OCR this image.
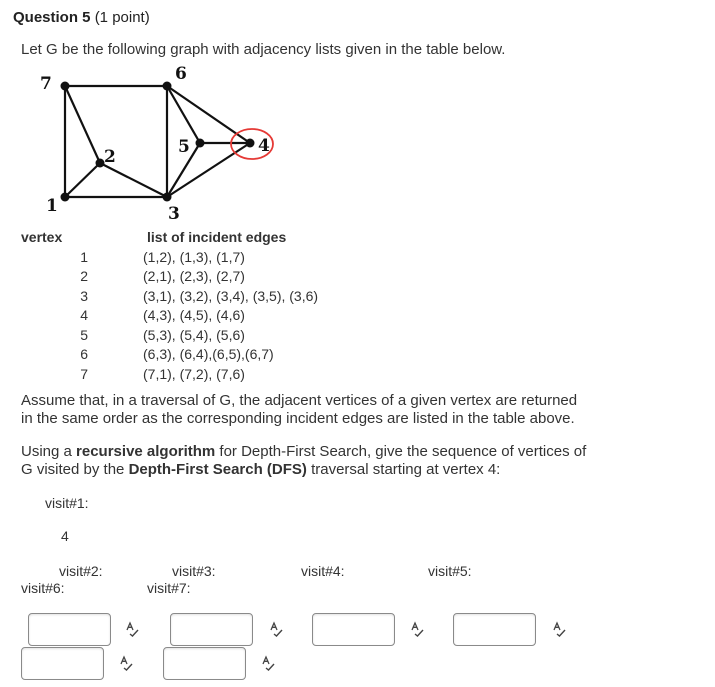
Question 5 (1 point)
Let G be the following graph with adjacency lists given in the table below.
1
2
3
4
5
6
7
vertex	list of incident edges
1	(1,2), (1,3), (1,7)
2	(2,1), (2,3), (2,7)
3	(3,1), (3,2), (3,4), (3,5), (3,6)
4	(4,3), (4,5), (4,6)
5	(5,3), (5,4), (5,6)
6	(6,3), (6,4),(6,5),(6,7)
7	(7,1), (7,2), (7,6)
Assume that, in a traversal of G, the adjacent vertices of a given vertex are returned
in the same order as the corresponding incident edges are listed in the table above.
Using a recursive algorithm for Depth-First Search, give the sequence of vertices of
G visited by the Depth-First Search (DFS) traversal starting at vertex 4:
visit#1:
4
visit#2:	visit#3:	visit#4:	visit#5:
visit#6:	visit#7:
